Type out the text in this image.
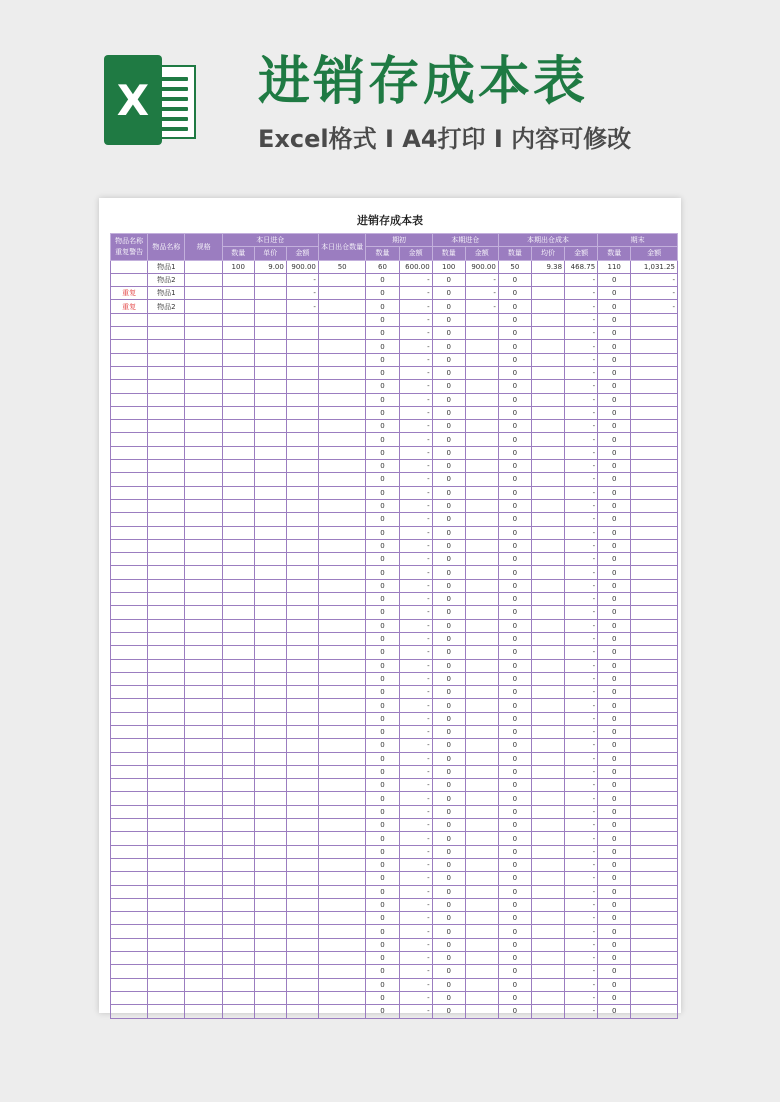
X 进销存成本表
Excel格式 I A4打印 I 内容可修改
进销存成本表
物品名称重复警告	物品名称	规格	本日进仓			本日出仓数量	期初		本期进仓		本期出仓成本			期末	
			数量	单价	金额		数量	金额	数量	金额	数量	均价	金额	数量	金额
	物品1		100	9.00	900.00	50	60	600.00	100	900.00	50	9.38	468.75	110	1,031.25
	物品2				-		0	-	0	-	0		-	0	-
重复	物品1				-		0	-	0	-	0		-	0	-
重复	物品2				-		0	-	0	-	0		-	0	-
							0	-	0		0		-	0	
							0	-	0		0		-	0	
							0	-	0		0		-	0	
							0	-	0		0		-	0	
							0	-	0		0		-	0	
							0	-	0		0		-	0	
							0	-	0		0		-	0	
							0	-	0		0		-	0	
							0	-	0		0		-	0	
							0	-	0		0		-	0	
							0	-	0		0		-	0	
							0	-	0		0		-	0	
							0	-	0		0		-	0	
							0	-	0		0		-	0	
							0	-	0		0		-	0	
							0	-	0		0		-	0	
							0	-	0		0		-	0	
							0	-	0		0		-	0	
							0	-	0		0		-	0	
							0	-	0		0		-	0	
							0	-	0		0		-	0	
							0	-	0		0		-	0	
							0	-	0		0		-	0	
							0	-	0		0		-	0	
							0	-	0		0		-	0	
							0	-	0		0		-	0	
							0	-	0		0		-	0	
							0	-	0		0		-	0	
							0	-	0		0		-	0	
							0	-	0		0		-	0	
							0	-	0		0		-	0	
							0	-	0		0		-	0	
							0	-	0		0		-	0	
							0	-	0		0		-	0	
							0	-	0		0		-	0	
							0	-	0		0		-	0	
							0	-	0		0		-	0	
							0	-	0		0		-	0	
							0	-	0		0		-	0	
							0	-	0		0		-	0	
							0	-	0		0		-	0	
							0	-	0		0		-	0	
							0	-	0		0		-	0	
							0	-	0		0		-	0	
							0	-	0		0		-	0	
							0	-	0		0		-	0	
							0	-	0		0		-	0	
							0	-	0		0		-	0	
							0	-	0		0		-	0	
							0	-	0		0		-	0	
							0	-	0		0		-	0	
							0	-	0		0		-	0	
							0	-	0		0		-	0	
